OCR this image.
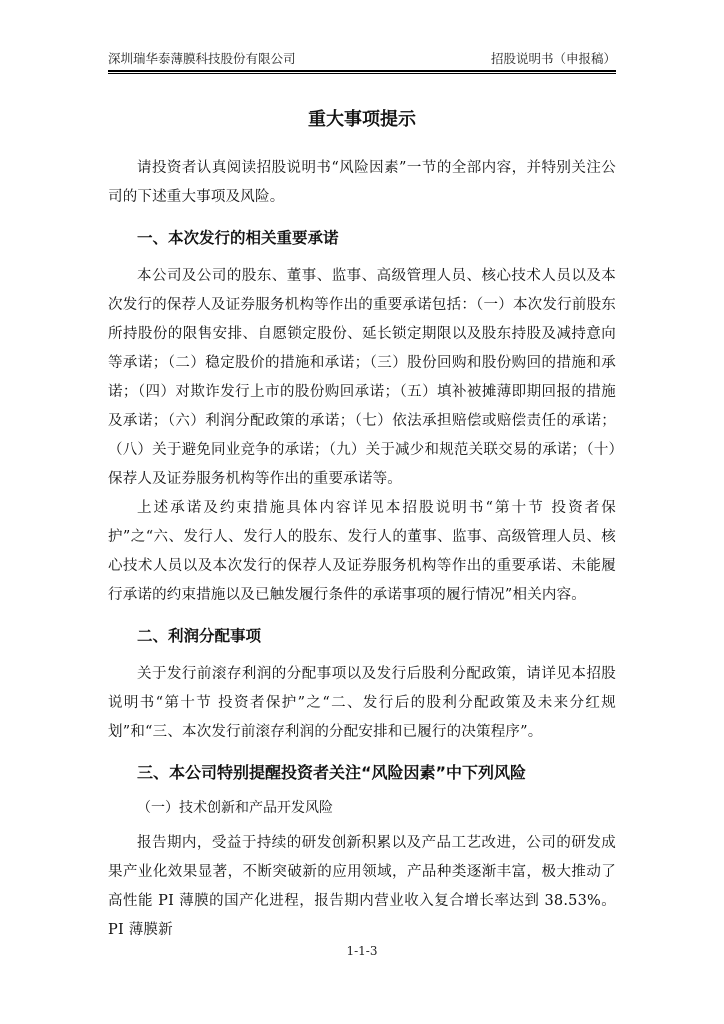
深圳瑞华泰薄膜科技股份有限公司	招股说明书（申报稿）
重大事项提示

请投资者认真阅读招股说明书“风险因素”一节的全部内容，并特别关注公司的下述重大事项及风险。

一、本次发行的相关重要承诺

本公司及公司的股东、董事、监事、高级管理人员、核心技术人员以及本次发行的保荐人及证券服务机构等作出的重要承诺包括：（一）本次发行前股东所持股份的限售安排、自愿锁定股份、延长锁定期限以及股东持股及减持意向等承诺；（二）稳定股价的措施和承诺；（三）股份回购和股份购回的措施和承诺；（四）对欺诈发行上市的股份购回承诺；（五）填补被摊薄即期回报的措施及承诺；（六）利润分配政策的承诺；（七）依法承担赔偿或赔偿责任的承诺；（八）关于避免同业竞争的承诺；（九）关于减少和规范关联交易的承诺；（十）保荐人及证券服务机构等作出的重要承诺等。

上述承诺及约束措施具体内容详见本招股说明书“第十节 投资者保护”之“六、发行人、发行人的股东、发行人的董事、监事、高级管理人员、核心技术人员以及本次发行的保荐人及证券服务机构等作出的重要承诺、未能履行承诺的约束措施以及已触发履行条件的承诺事项的履行情况”相关内容。

二、利润分配事项

关于发行前滚存利润的分配事项以及发行后股利分配政策，请详见本招股说明书“第十节 投资者保护”之“二、发行后的股利分配政策及未来分红规划”和“三、本次发行前滚存利润的分配安排和已履行的决策程序”。

三、本公司特别提醒投资者关注“风险因素”中下列风险
（一）技术创新和产品开发风险

报告期内，受益于持续的研发创新积累以及产品工艺改进，公司的研发成果产业化效果显著，不断突破新的应用领域，产品种类逐渐丰富，极大推动了高性能 PI 薄膜的国产化进程，报告期内营业收入复合增长率达到 38.53%。PI 薄膜新

1-1-3
